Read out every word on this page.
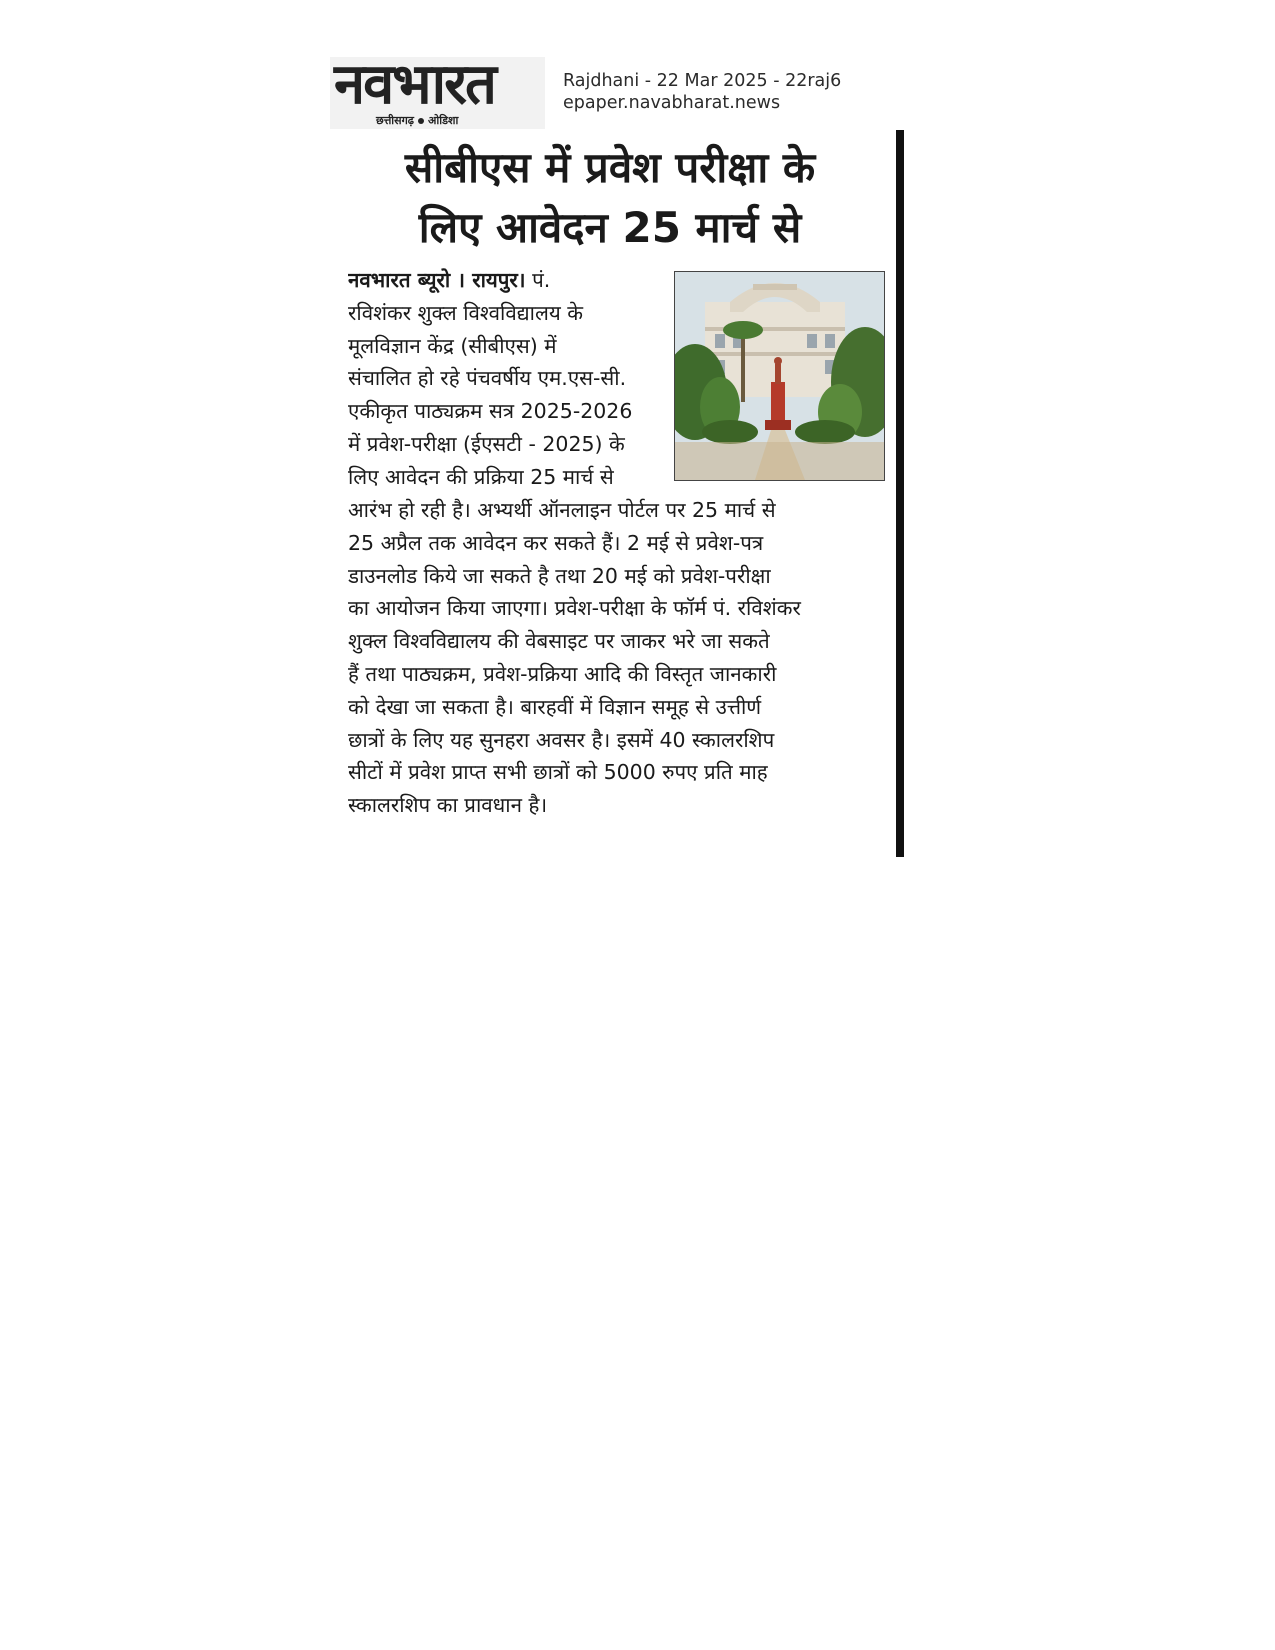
नवभारत
छत्तीसगढ़ ओडिशा
Rajdhani - 22 Mar 2025 - 22raj6
epaper.navabharat.news
सीबीएस में प्रवेश परीक्षा के
लिए आवेदन 25 मार्च से
नवभारत ब्यूरो । रायपुर। पं.
रविशंकर शुक्ल विश्वविद्यालय के
मूलविज्ञान केंद्र (सीबीएस) में
संचालित हो रहे पंचवर्षीय एम.एस-सी.
एकीकृत पाठ्यक्रम सत्र 2025-2026
में प्रवेश-परीक्षा (ईएसटी - 2025) के
लिए आवेदन की प्रक्रिया 25 मार्च से
आरंभ हो रही है। अभ्यर्थी ऑनलाइन पोर्टल पर 25 मार्च से
25 अप्रैल तक आवेदन कर सकते हैं। 2 मई से प्रवेश-पत्र
डाउनलोड किये जा सकते है तथा 20 मई को प्रवेश-परीक्षा
का आयोजन किया जाएगा। प्रवेश-परीक्षा के फॉर्म पं. रविशंकर
शुक्ल विश्वविद्यालय की वेबसाइट पर जाकर भरे जा सकते
हैं तथा पाठ्यक्रम, प्रवेश-प्रक्रिया आदि की विस्तृत जानकारी
को देखा जा सकता है। बारहवीं में विज्ञान समूह से उत्तीर्ण
छात्रों के लिए यह सुनहरा अवसर है। इसमें 40 स्कालरशिप
सीटों में प्रवेश प्राप्त सभी छात्रों को 5000 रुपए प्रति माह
स्कालरशिप का प्रावधान है।
